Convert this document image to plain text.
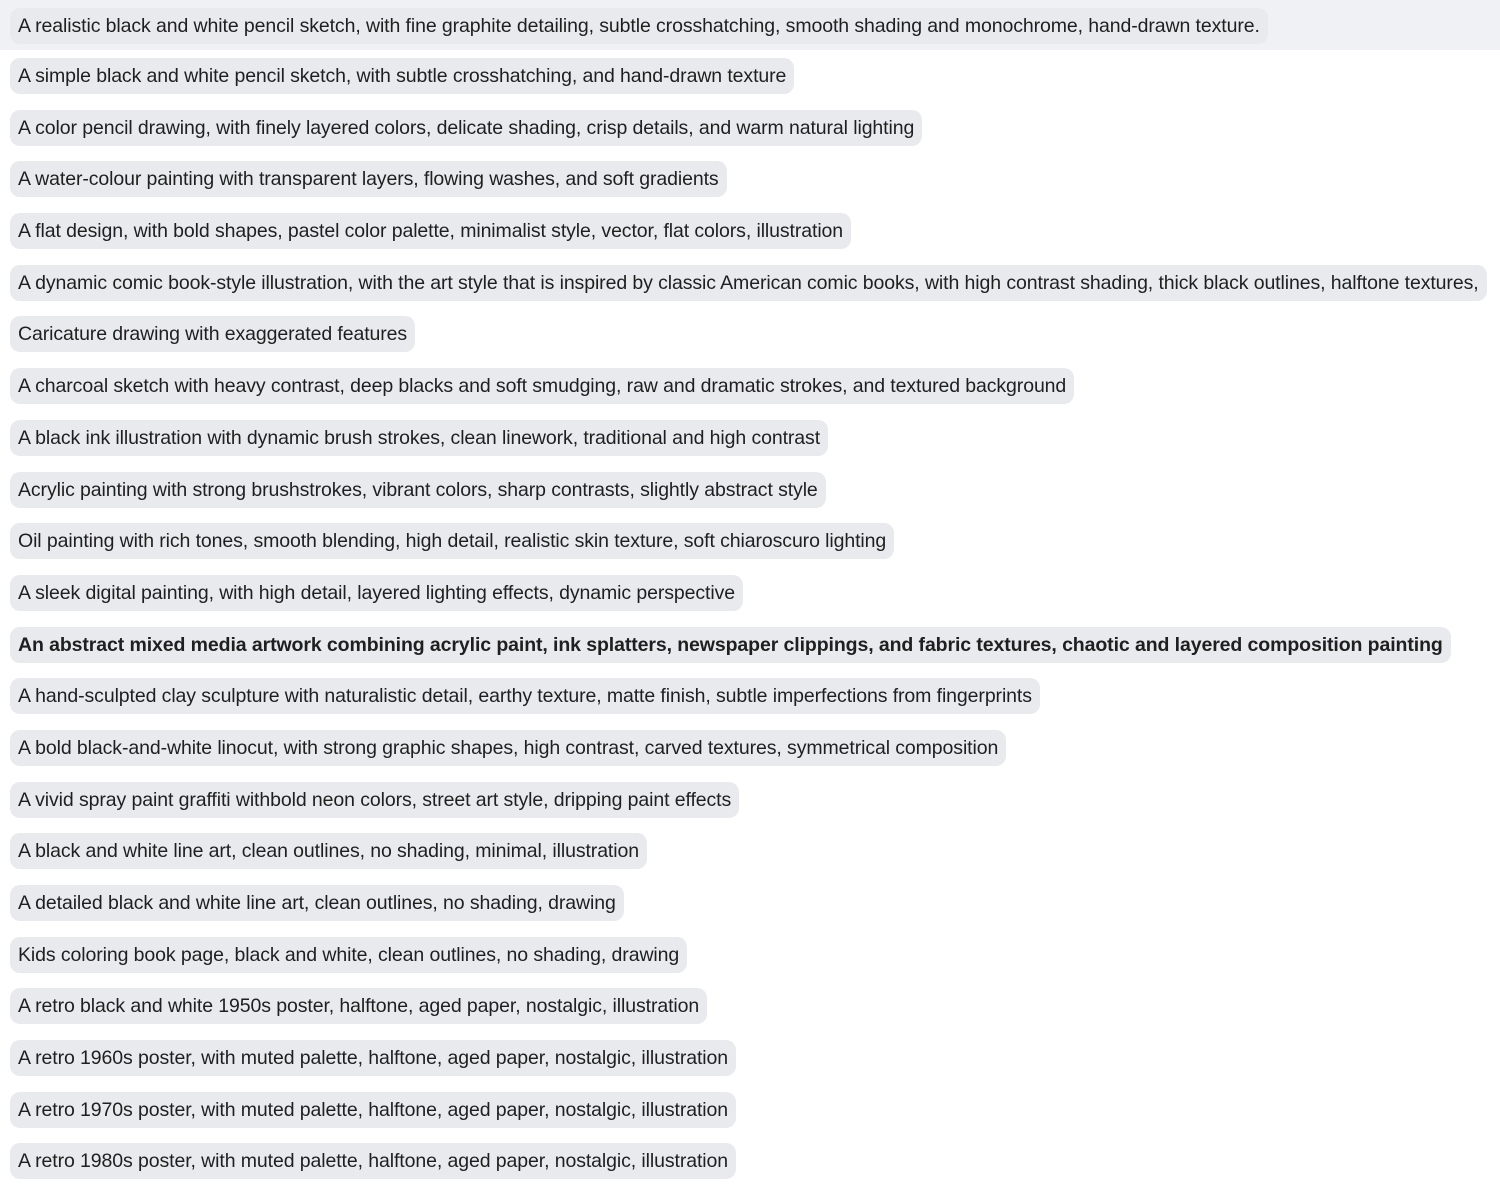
A realistic black and white pencil sketch, with fine graphite detailing, subtle crosshatching, smooth shading and monochrome, hand-drawn texture.
A simple black and white pencil sketch, with subtle crosshatching, and hand-drawn texture
A color pencil drawing, with finely layered colors, delicate shading, crisp details, and warm natural lighting
A water-colour painting with transparent layers, flowing washes, and soft gradients
A flat design, with bold shapes, pastel color palette, minimalist style, vector, flat colors, illustration
A dynamic comic book-style illustration, with the art style that is inspired by classic American comic books, with high contrast shading, thick black outlines, halftone textures,
Caricature drawing with exaggerated features
A charcoal sketch with heavy contrast, deep blacks and soft smudging, raw and dramatic strokes, and textured background
A black ink illustration with dynamic brush strokes, clean linework, traditional and high contrast
Acrylic painting with strong brushstrokes, vibrant colors, sharp contrasts, slightly abstract style
Oil painting with rich tones, smooth blending, high detail, realistic skin texture, soft chiaroscuro lighting
A sleek digital painting, with high detail, layered lighting effects, dynamic perspective
An abstract mixed media artwork combining acrylic paint, ink splatters, newspaper clippings, and fabric textures, chaotic and layered composition painting
A hand-sculpted clay sculpture with naturalistic detail, earthy texture, matte finish, subtle imperfections from fingerprints
A bold black-and-white linocut, with strong graphic shapes, high contrast, carved textures, symmetrical composition
A vivid spray paint graffiti withbold neon colors, street art style, dripping paint effects
A black and white line art, clean outlines, no shading, minimal, illustration
A detailed black and white line art, clean outlines, no shading, drawing
Kids coloring book page, black and white, clean outlines, no shading, drawing
A retro black and white 1950s poster, halftone, aged paper, nostalgic, illustration
A retro 1960s poster, with muted palette, halftone, aged paper, nostalgic, illustration
A retro 1970s poster, with muted palette, halftone, aged paper, nostalgic, illustration
A retro 1980s poster, with muted palette, halftone, aged paper, nostalgic, illustration
